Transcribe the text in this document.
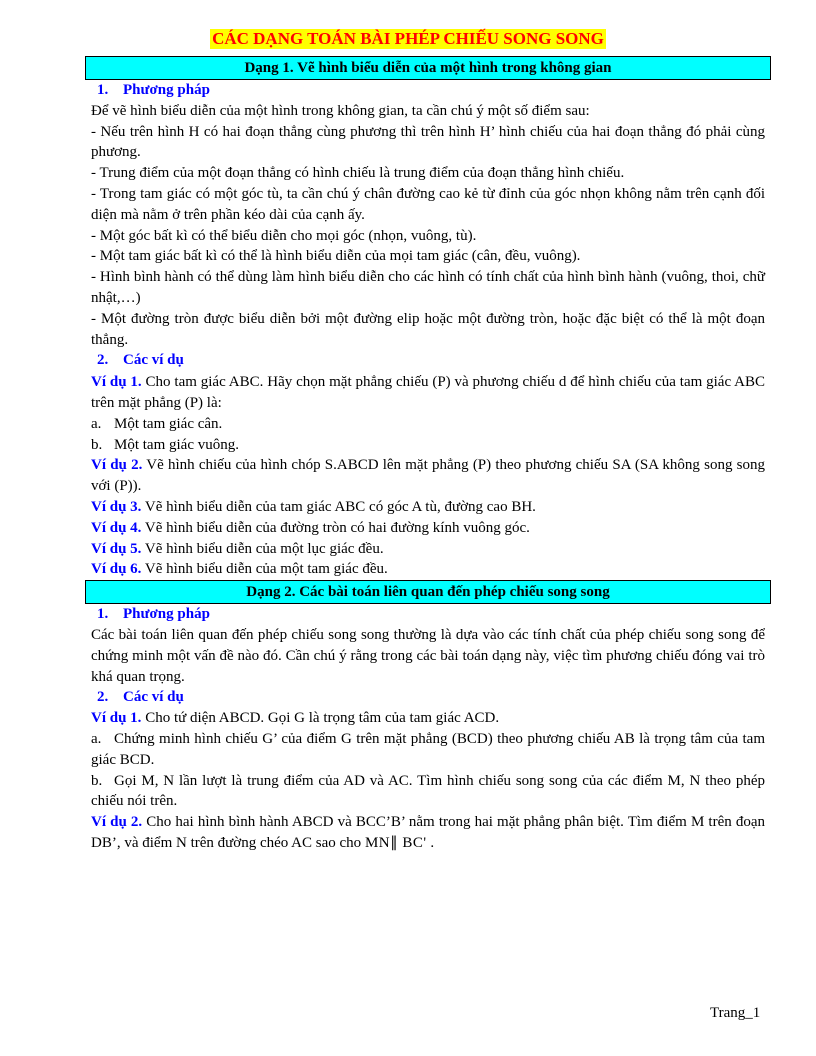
CÁC DẠNG TOÁN BÀI PHÉP CHIẾU SONG SONG
Dạng 1. Vẽ hình biểu diễn của một hình trong không gian
1. Phương pháp

Để vẽ hình biểu diễn của một hình trong không gian, ta cần chú ý một số điểm sau:

- Nếu trên hình H có hai đoạn thẳng cùng phương thì trên hình H’ hình chiếu của hai đoạn thẳng đó phải cùng phương.

- Trung điểm của một đoạn thẳng có hình chiếu là trung điểm của đoạn thẳng hình chiếu.

- Trong tam giác có một góc tù, ta cần chú ý chân đường cao kẻ từ đỉnh của góc nhọn không nằm trên cạnh đối diện mà nằm ở trên phần kéo dài của cạnh ấy.

- Một góc bất kì có thể biểu diễn cho mọi góc (nhọn, vuông, tù).

- Một tam giác bất kì có thể là hình biểu diễn của mọi tam giác (cân, đều, vuông).

- Hình bình hành có thể dùng làm hình biểu diễn cho các hình có tính chất của hình bình hành (vuông, thoi, chữ nhật,…)

- Một đường tròn được biểu diễn bởi một đường elip hoặc một đường tròn, hoặc đặc biệt có thể là một đoạn thẳng.

2. Các ví dụ

Ví dụ 1. Cho tam giác ABC. Hãy chọn mặt phẳng chiếu (P) và phương chiếu d để hình chiếu của tam giác ABC trên mặt phẳng (P) là:

a. Một tam giác cân.

b. Một tam giác vuông.

Ví dụ 2. Vẽ hình chiếu của hình chóp S.ABCD lên mặt phẳng (P) theo phương chiếu SA (SA không song song với (P)).

Ví dụ 3. Vẽ hình biểu diễn của tam giác ABC có góc A tù, đường cao BH.

Ví dụ 4. Vẽ hình biểu diễn của đường tròn có hai đường kính vuông góc.

Ví dụ 5. Vẽ hình biểu diễn của một lục giác đều.

Ví dụ 6. Vẽ hình biểu diễn của một tam giác đều.

Dạng 2. Các bài toán liên quan đến phép chiếu song song
1. Phương pháp

Các bài toán liên quan đến phép chiếu song song thường là dựa vào các tính chất của phép chiếu song song để chứng minh một vấn đề nào đó. Cần chú ý rằng trong các bài toán dạng này, việc tìm phương chiếu đóng vai trò khá quan trọng.

2. Các ví dụ

Ví dụ 1. Cho tứ diện ABCD. Gọi G là trọng tâm của tam giác ACD.

a. Chứng minh hình chiếu G’ của điểm G trên mặt phẳng (BCD) theo phương chiếu AB là trọng tâm của tam giác BCD.

b. Gọi M, N lần lượt là trung điểm của AD và AC. Tìm hình chiếu song song của các điểm M, N theo phép chiếu nói trên.

Ví dụ 2. Cho hai hình bình hành ABCD và BCC’B’ nằm trong hai mặt phẳng phân biệt. Tìm điểm M trên đoạn DB’, và điểm N trên đường chéo AC sao cho MN∥ BC' .

Trang_1
